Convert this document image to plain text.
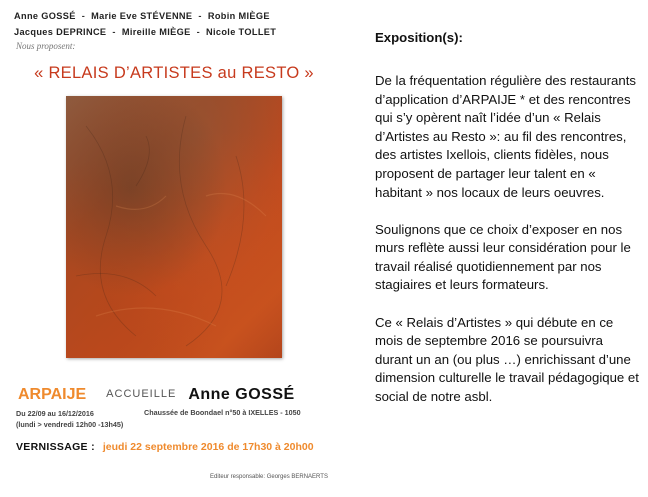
Anne GOSSÉ - Marie Eve STÉVENNE - Robin MIÈGE
Jacques DEPRINCE - Mireille MIÈGE - Nicole TOLLET
Nous proposent:
« RELAIS D’ARTISTES au RESTO »
ARPAIJE ACCUEILLE Anne GOSSÉ
Du 22/09 au 16/12/2016
(lundi > vendredi 12h00 -13h45)
Chaussée de Boondael n°50 à IXELLES - 1050
VERNISSAGE : jeudi 22 septembre 2016 de 17h30 à 20h00
Editeur responsable: Georges BERNAERTS
Exposition(s):

De la fréquentation régulière des restaurants d’application d’ARPAIJE * et des rencontres qui s’y opèrent naît l’idée d’un « Relais d’Artistes au Resto »: au fil des rencontres, des artistes Ixellois, clients fidèles, nous proposent de partager leur talent en « habitant » nos locaux de leurs oeuvres.

Soulignons que ce choix d’exposer en nos murs reflète aussi leur considération pour le travail réalisé quotidiennement par nos stagiaires et leurs formateurs.

Ce « Relais d’Artistes » qui débute en ce mois de septembre 2016 se poursuivra durant un an (ou plus …) enrichissant d’une dimension culturelle le travail pédagogique et social de notre asbl.
